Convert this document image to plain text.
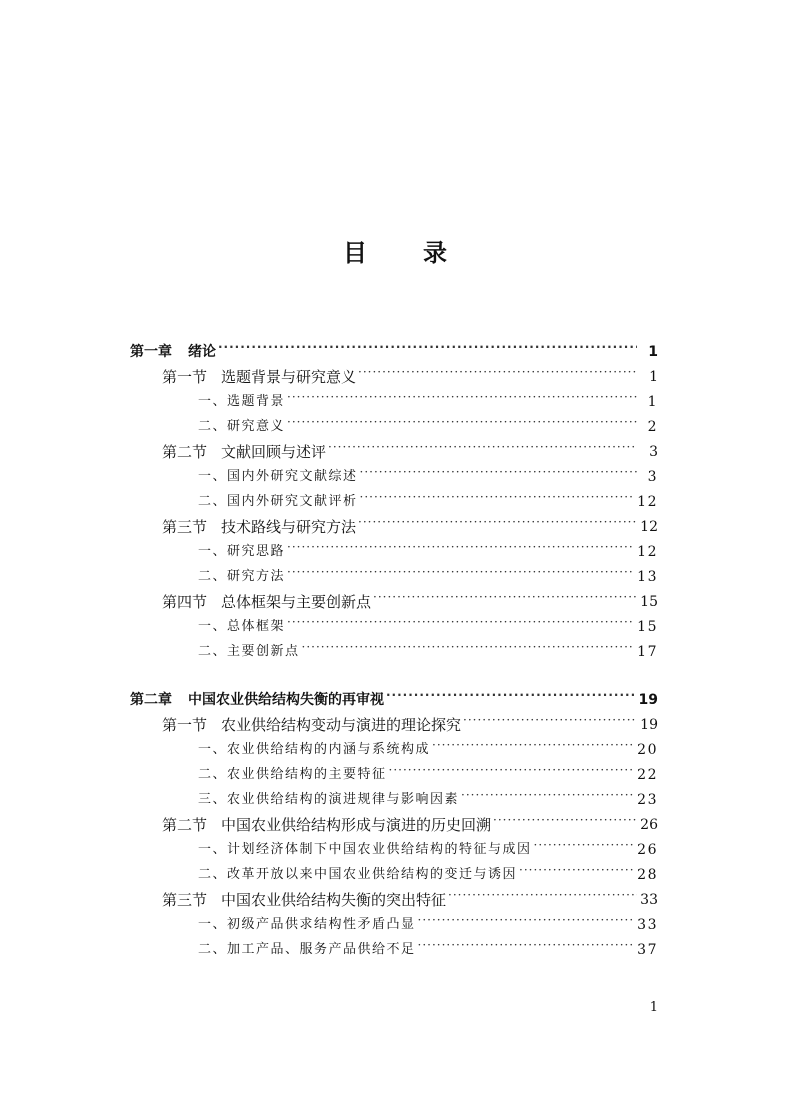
目 录
第一章 绪论 ·····	1
第一节 选题背景与研究意义 ·····	1
一、选题背景 ·····	1
二、研究意义 ·····	2
第二节 文献回顾与述评 ·····	3
一、国内外研究文献综述 ·····	3
二、国内外研究文献评析 ·····	12
第三节 技术路线与研究方法 ·····	12
一、研究思路 ·····	12
二、研究方法 ·····	13
第四节 总体框架与主要创新点 ·····	15
一、总体框架 ·····	15
二、主要创新点 ·····	17
第二章 中国农业供给结构失衡的再审视 ·····	19
第一节 农业供给结构变动与演进的理论探究 ·····	19
一、农业供给结构的内涵与系统构成 ·····	20
二、农业供给结构的主要特征 ·····	22
三、农业供给结构的演进规律与影响因素 ·····	23
第二节 中国农业供给结构形成与演进的历史回溯 ·····	26
一、计划经济体制下中国农业供给结构的特征与成因 ·····	26
二、改革开放以来中国农业供给结构的变迁与诱因 ·····	28
第三节 中国农业供给结构失衡的突出特征 ·····	33
一、初级产品供求结构性矛盾凸显 ·····	33
二、加工产品、服务产品供给不足 ·····	37
1
